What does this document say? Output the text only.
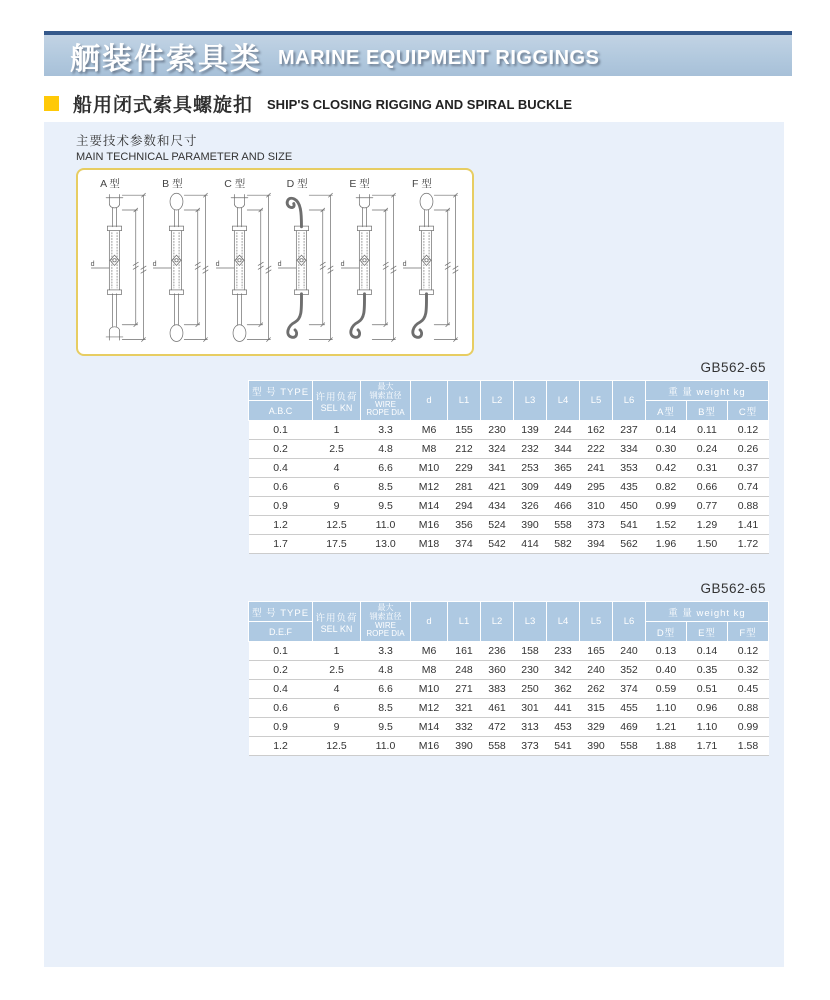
舾装件索具类 MARINE EQUIPMENT RIGGINGS
船用闭式索具螺旋扣 SHIP'S CLOSING RIGGING AND SPIRAL BUCKLE
主要技术参数和尺寸
MAIN TECHNICAL PARAMETER AND SIZE
A 型
d
B 型
d
C 型
d
D 型
d
E 型
d
F 型
d
GB562-65
型 号 TYPE	许用负荷
SEL KN

最大
钢索直径
WIRE
ROPE DIA
	d	L1	L2	L3	L4	L5	L6	重 量 weight kg
A.B.C										A型	B型	C型
0.1	1	3.3	M6	155	230	139	244	162	237	0.14	0.11	0.12
0.2	2.5	4.8	M8	212	324	232	344	222	334	0.30	0.24	0.26
0.4	4	6.6	M10	229	341	253	365	241	353	0.42	0.31	0.37
0.6	6	8.5	M12	281	421	309	449	295	435	0.82	0.66	0.74
0.9	9	9.5	M14	294	434	326	466	310	450	0.99	0.77	0.88
1.2	12.5	11.0	M16	356	524	390	558	373	541	1.52	1.29	1.41
1.7	17.5	13.0	M18	374	542	414	582	394	562	1.96	1.50	1.72
GB562-65
型 号 TYPE	许用负荷
SEL KN

最大
钢索直径
WIRE
ROPE DIA
	d	L1	L2	L3	L4	L5	L6	重 量 weight kg
D.E.F										D型	E型	F型
0.1	1	3.3	M6	161	236	158	233	165	240	0.13	0.14	0.12
0.2	2.5	4.8	M8	248	360	230	342	240	352	0.40	0.35	0.32
0.4	4	6.6	M10	271	383	250	362	262	374	0.59	0.51	0.45
0.6	6	8.5	M12	321	461	301	441	315	455	1.10	0.96	0.88
0.9	9	9.5	M14	332	472	313	453	329	469	1.21	1.10	0.99
1.2	12.5	11.0	M16	390	558	373	541	390	558	1.88	1.71	1.58
